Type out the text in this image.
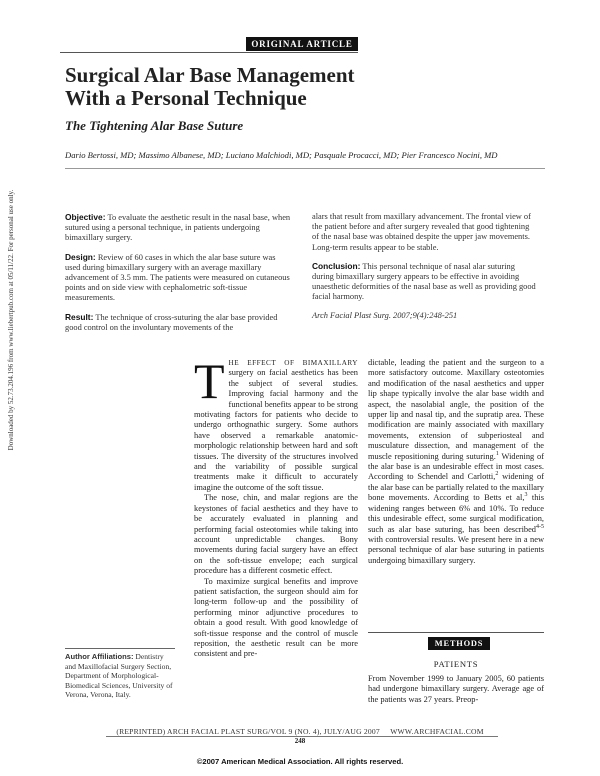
Downloaded by 52.73.204.196 from www.liebertpub.com at 05/11/22. For personal use only.
ORIGINAL ARTICLE
Surgical Alar Base Management
With a Personal Technique
The Tightening Alar Base Suture
Dario Bertossi, MD; Massimo Albanese, MD; Luciano Malchiodi, MD; Pasquale Procacci, MD; Pier Francesco Nocini, MD

Objective: To evaluate the aesthetic result in the nasal base, when sutured using a personal technique, in patients undergoing bimaxillary surgery.

Design: Review of 60 cases in which the alar base suture was used during bimaxillary surgery with an average maxillary advancement of 3.5 mm. The patients were measured on cutaneous points and on side view with cephalometric soft-tissue measurements.

Result: The technique of cross-suturing the alar base provided good control on the involuntary movements of the

alars that result from maxillary advancement. The frontal view of the patient before and after surgery revealed that good tightening of the nasal base was obtained despite the upper jaw movements. Long-term results appear to be stable.

Conclusion: This personal technique of nasal alar suturing during bimaxillary surgery appears to be effective in avoiding unaesthetic deformities of the nasal base as well as providing good facial harmony.

Arch Facial Plast Surg. 2007;9(4):248-251

THE EFFECT OF BIMAXILLARY surgery on facial aesthetics has been the subject of several studies. Improving facial harmony and the functional benefits appear to be strong motivating factors for patients who decide to undergo orthognathic surgery. Some authors have observed a remarkable anatomic-morphologic relationship between hard and soft tissues. The diversity of the structures involved and the variability of possible surgical treatments make it difficult to accurately imagine the outcome of the soft tissue.

The nose, chin, and malar regions are the keystones of facial aesthetics and they have to be accurately evaluated in planning and performing facial osteotomies while taking into account unpredictable changes. Bony movements during facial surgery have an effect on the soft-tissue envelope; each surgical procedure has a different cosmetic effect.

To maximize surgical benefits and improve patient satisfaction, the surgeon should aim for long-term follow-up and the possibility of performing minor adjunctive procedures to obtain a good result. With good knowledge of soft-tissue response and the control of muscle reposition, the aesthetic result can be more consistent and pre-

dictable, leading the patient and the surgeon to a more satisfactory outcome. Maxillary osteotomies and modification of the nasal aesthetics and upper lip shape typically involve the alar base width and aspect, the nasolabial angle, the position of the upper lip and nasal tip, and the supratip area. These modification are mainly associated with maxillary movements, extension of subperiosteal and musculature dissection, and management of the muscle repositioning during suturing.$^1$ Widening of the alar base is an undesirable effect in most cases. According to Schendel and Carlotti,$^2$ widening of the alar base can be partially related to the maxillary bone movements. According to Betts et al,$^3$ this widening ranges between 6% and 10%. To reduce this undesirable effect, some surgical modification, such as alar base suturing, has been described$^{4-5}$ with controversial results. We present here in a new personal technique of alar base suturing in patients undergoing bimaxillary surgery.

METHODS
PATIENTS
From November 1999 to January 2005, 60 patients had undergone bimaxillary surgery. Average age of the patients was 27 years. Preop-
Author Affiliations: Dentistry and Maxillofacial Surgery Section, Department of Morphological-Biomedical Sciences, University of Verona, Verona, Italy.
(REPRINTED) ARCH FACIAL PLAST SURG/VOL 9 (NO. 4), JULY/AUG 2007     WWW.ARCHFACIAL.COM
248
©2007 American Medical Association. All rights reserved.
